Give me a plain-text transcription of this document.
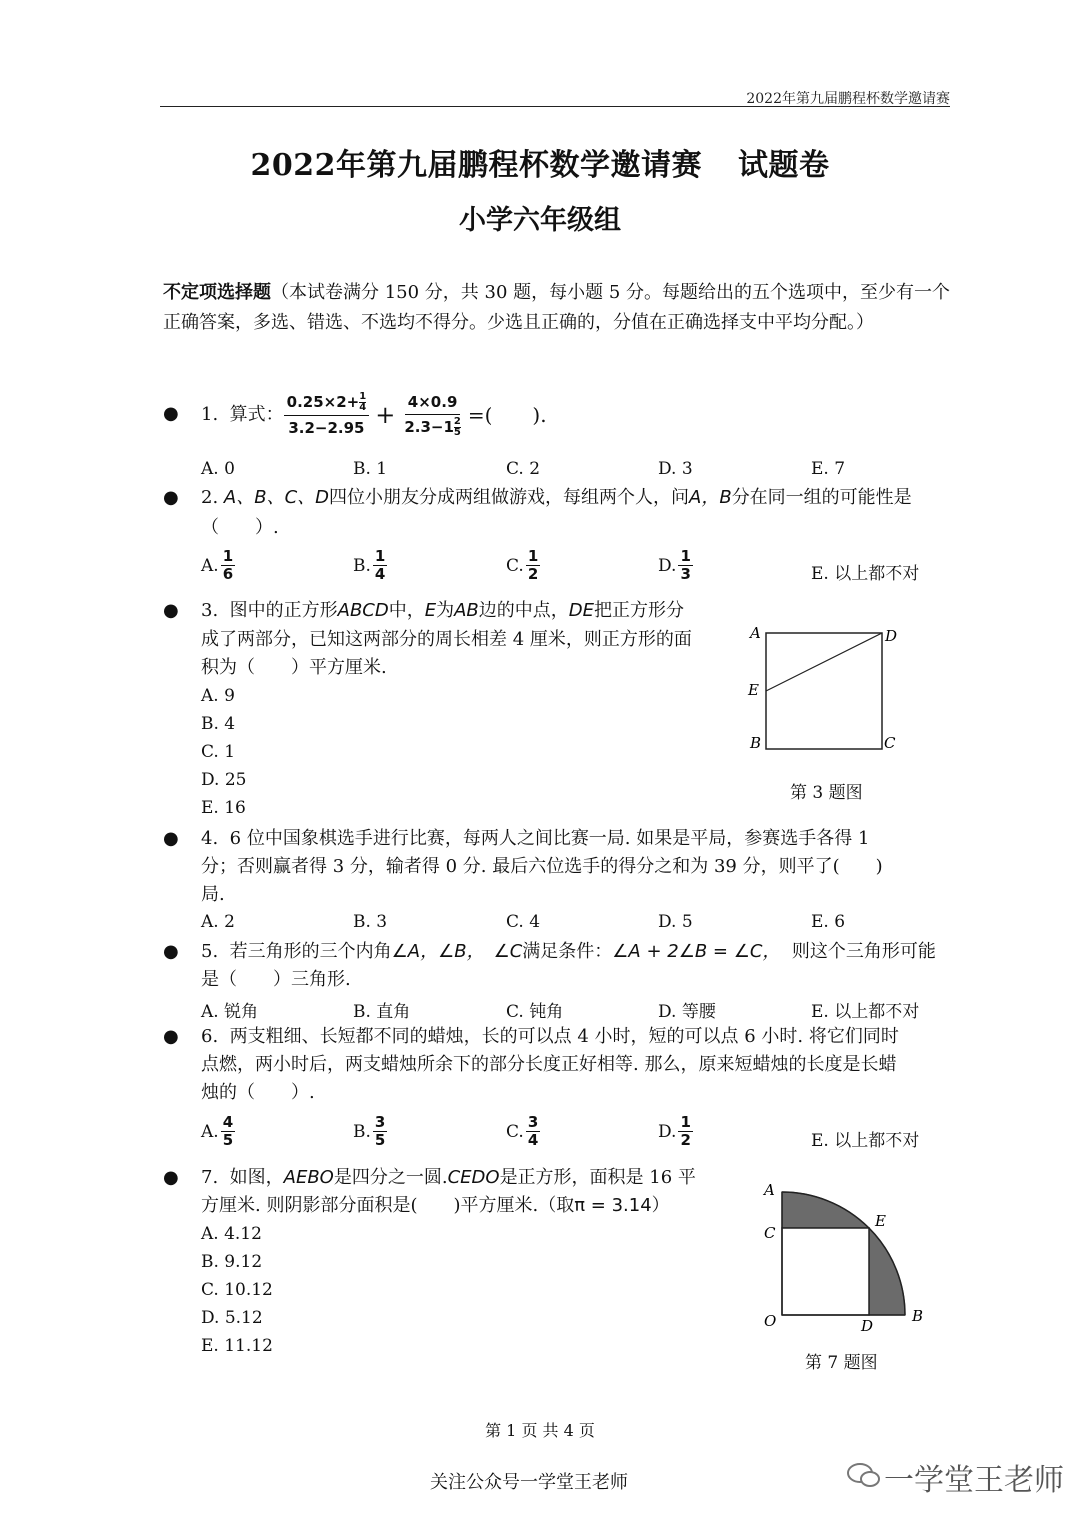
2022年第九届鹏程杯数学邀请赛
2022年第九届鹏程杯数学邀请赛 试题卷
小学六年级组
不定项选择题（本试卷满分 150 分，共 30 题，每小题 5 分。每题给出的五个选项中，至少有一个正确答案，多选、错选、不选均不得分。少选且正确的，分值在正确选择支中平均分配。）
● 1.
算式： $\frac{0.25\times 2+ \frac{1}{4}}{3.2-2.95} + \frac{4\times 0.9}{2.3-1 \frac{2}{5}}$ =(　　).
A. 0	B. 1	C. 2	D. 3	E. 7
● 2. A、B、C、D四位小朋友分成两组做游戏，每组两个人，问A，B分在同一组的可能性是
（　　）.
A. $\frac{1}{6}$	B. $\frac{1}{4}$	C. $\frac{1}{2}$	D. $\frac{1}{3}$	E. 以上都不对
● 3. 图中的正方形ABCD中，E为AB边的中点，DE把正方形分
成了两部分，已知这两部分的周长相差 4 厘米，则正方形的面
积为（　　）平方厘米.
A. 9
B. 4
C. 1
D. 25
E. 16
A	D
E
B	C
第 3 题图
● 4. 6 位中国象棋选手进行比赛，每两人之间比赛一局. 如果是平局，参赛选手各得 1
分；否则赢者得 3 分，输者得 0 分. 最后六位选手的得分之和为 39 分，则平了(　　)
局.
A. 2	B. 3	C. 4	D. 5	E. 6
● 5. 若三角形的三个内角∠A，∠B，　∠C满足条件：∠A + 2∠B = ∠C， 则这个三角形可能
是（　　）三角形.
A. 锐角	B. 直角	C. 钝角	D. 等腰	E. 以上都不对
● 6. 两支粗细、长短都不同的蜡烛，长的可以点 4 小时，短的可以点 6 小时. 将它们同时
点燃，两小时后，两支蜡烛所余下的部分长度正好相等. 那么，原来短蜡烛的长度是长蜡
烛的（　　）.
A. $\frac{4}{5}$	B. $\frac{3}{5}$	C. $\frac{3}{4}$	D. $\frac{1}{2}$	E. 以上都不对
● 7. 如图，AEBO是四分之一圆.CEDO是正方形，面积是 16 平
方厘米. 则阴影部分面积是(　　)平方厘米.（取π = 3.14）
A. 4.12
B. 9.12
C. 10.12
D. 5.12
E. 11.12
A
C
E
O	D
B
第 7 题图
第 1 页 共 4 页
关注公众号一学堂王老师	一学堂王老师
